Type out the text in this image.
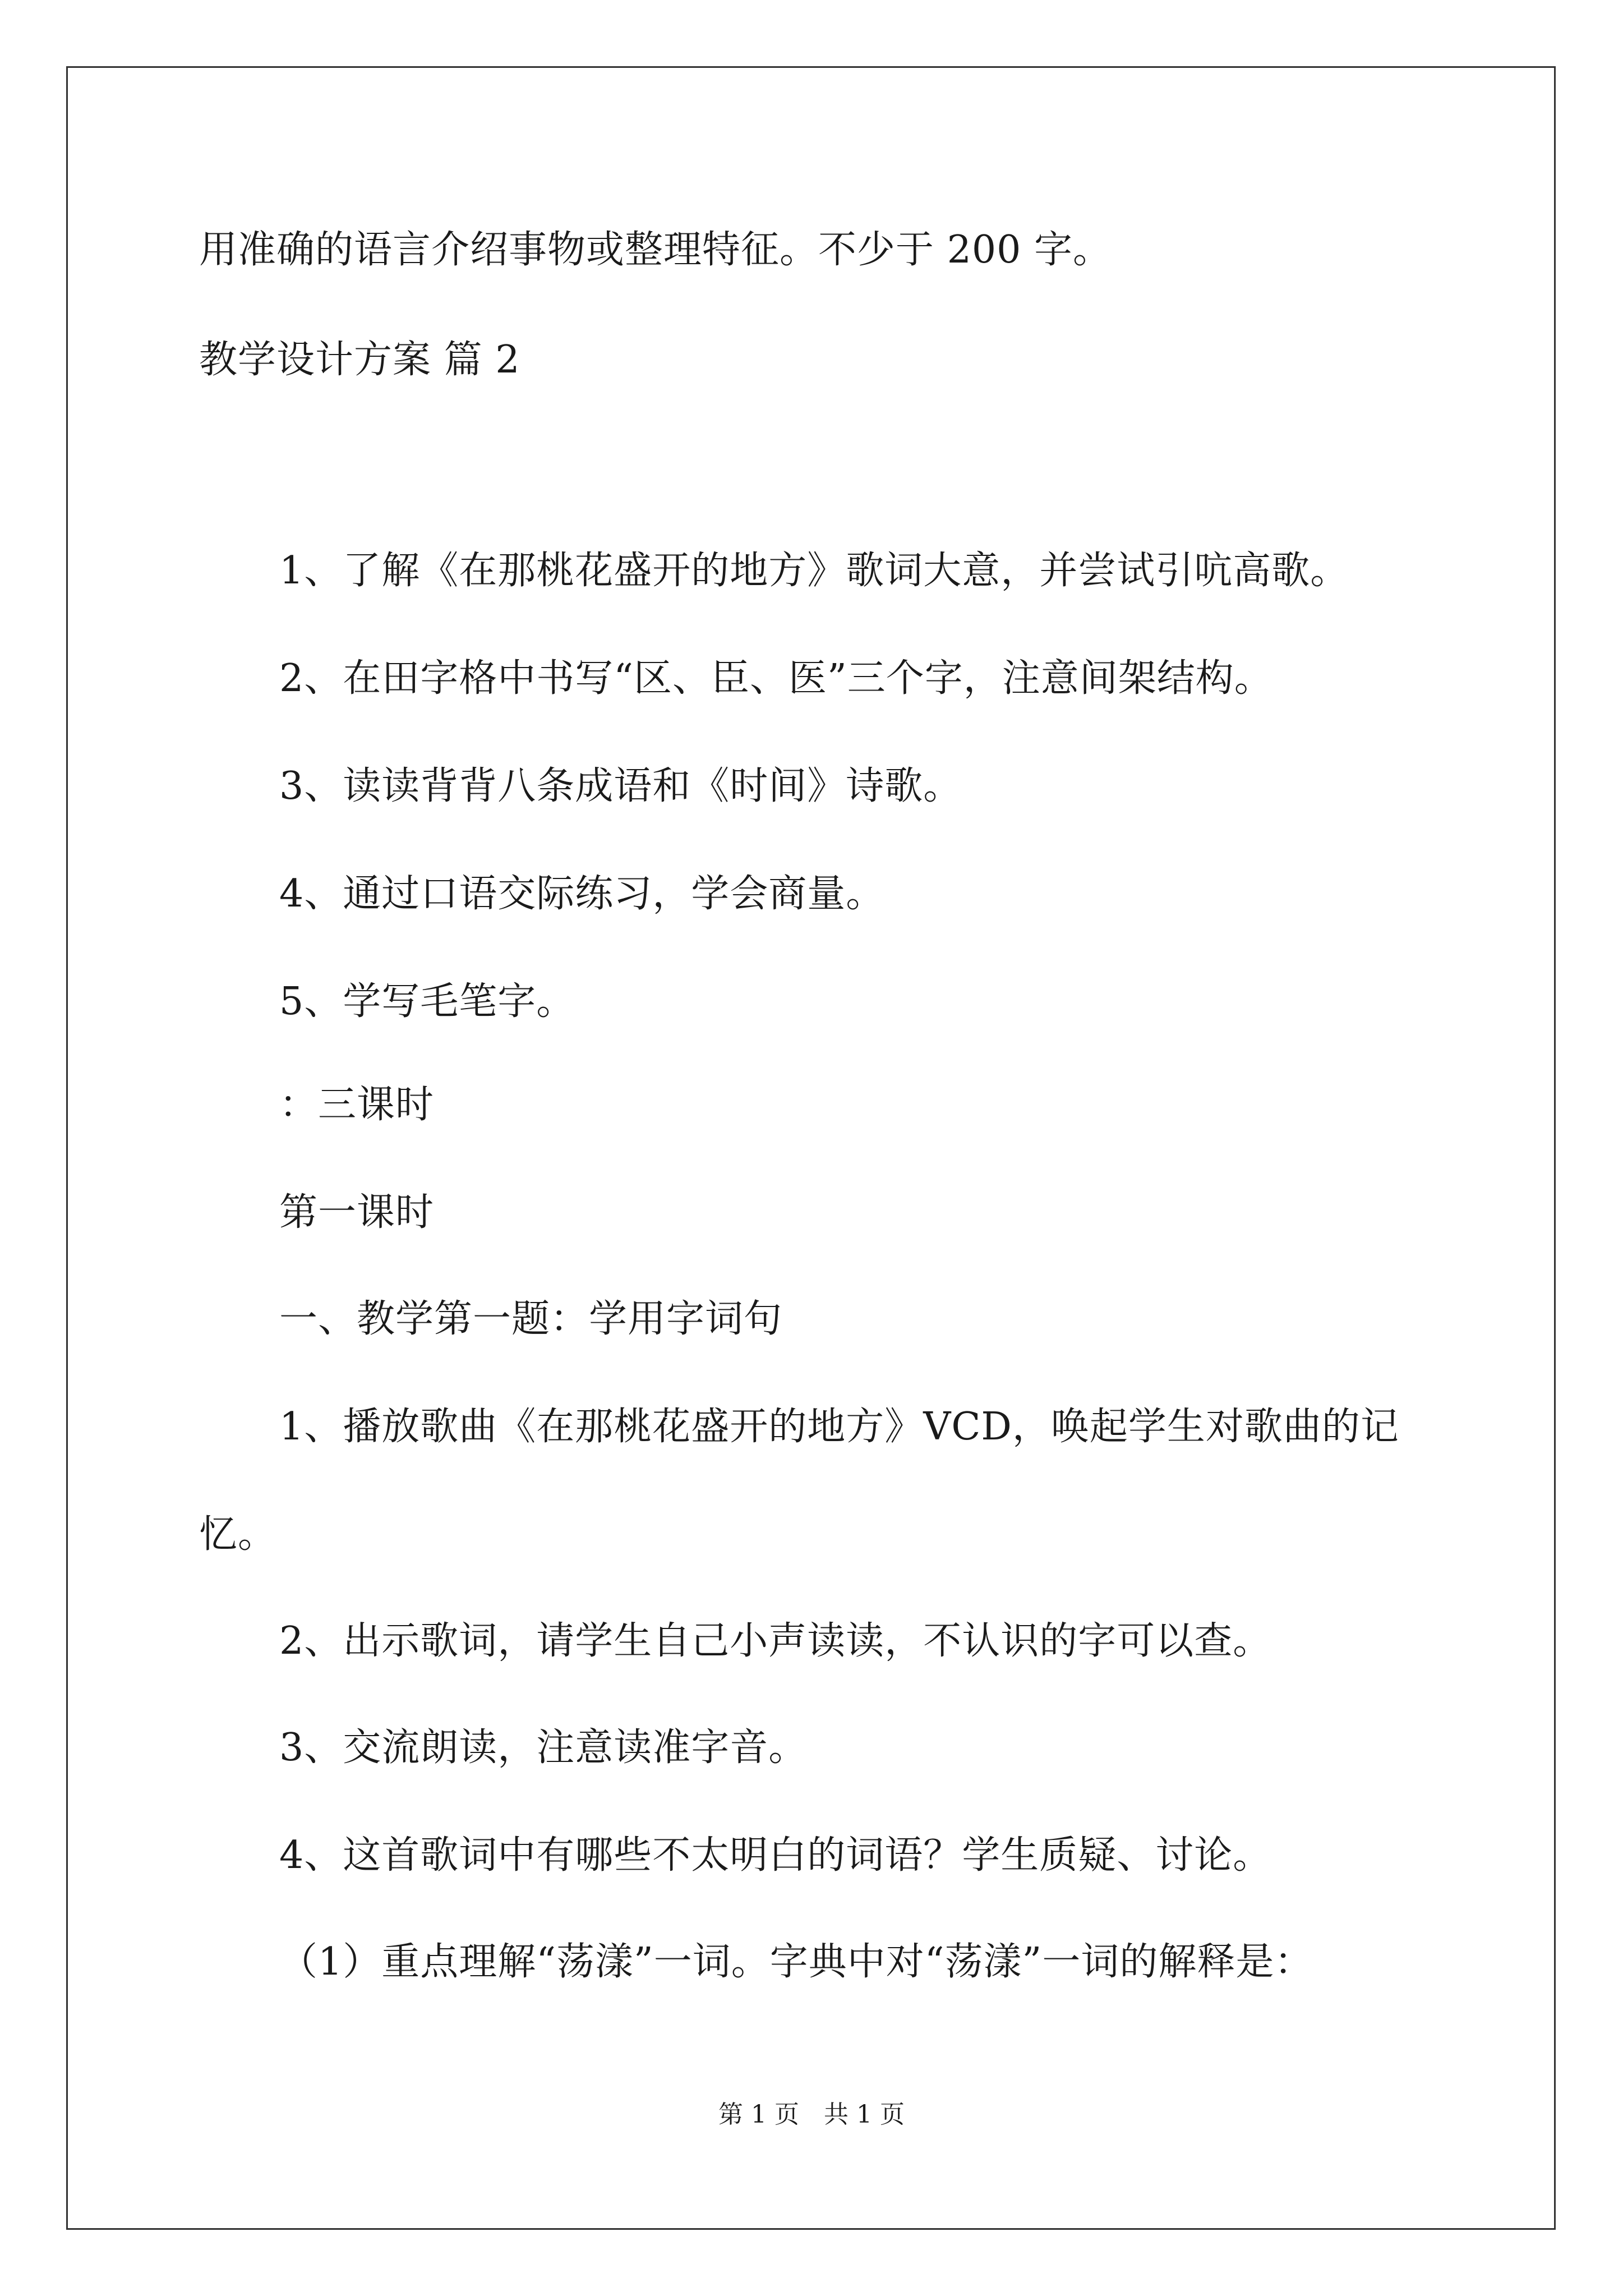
用准确的语言介绍事物或整理特征。不少于 200 字。
教学设计方案 篇 2
1、了解《在那桃花盛开的地方》歌词大意，并尝试引吭高歌。
2、在田字格中书写“区、臣、医”三个字，注意间架结构。
3、读读背背八条成语和《时间》诗歌。
4、通过口语交际练习，学会商量。
5、学写毛笔字。
：三课时
第一课时
一、教学第一题：学用字词句
1、播放歌曲《在那桃花盛开的地方》VCD，唤起学生对歌曲的记
忆。
2、出示歌词，请学生自己小声读读，不认识的字可以查。
3、交流朗读，注意读准字音。
4、这首歌词中有哪些不太明白的词语？学生质疑、讨论。
（1）重点理解“荡漾”一词。字典中对“荡漾”一词的解释是：
第 1 页　共 1 页
